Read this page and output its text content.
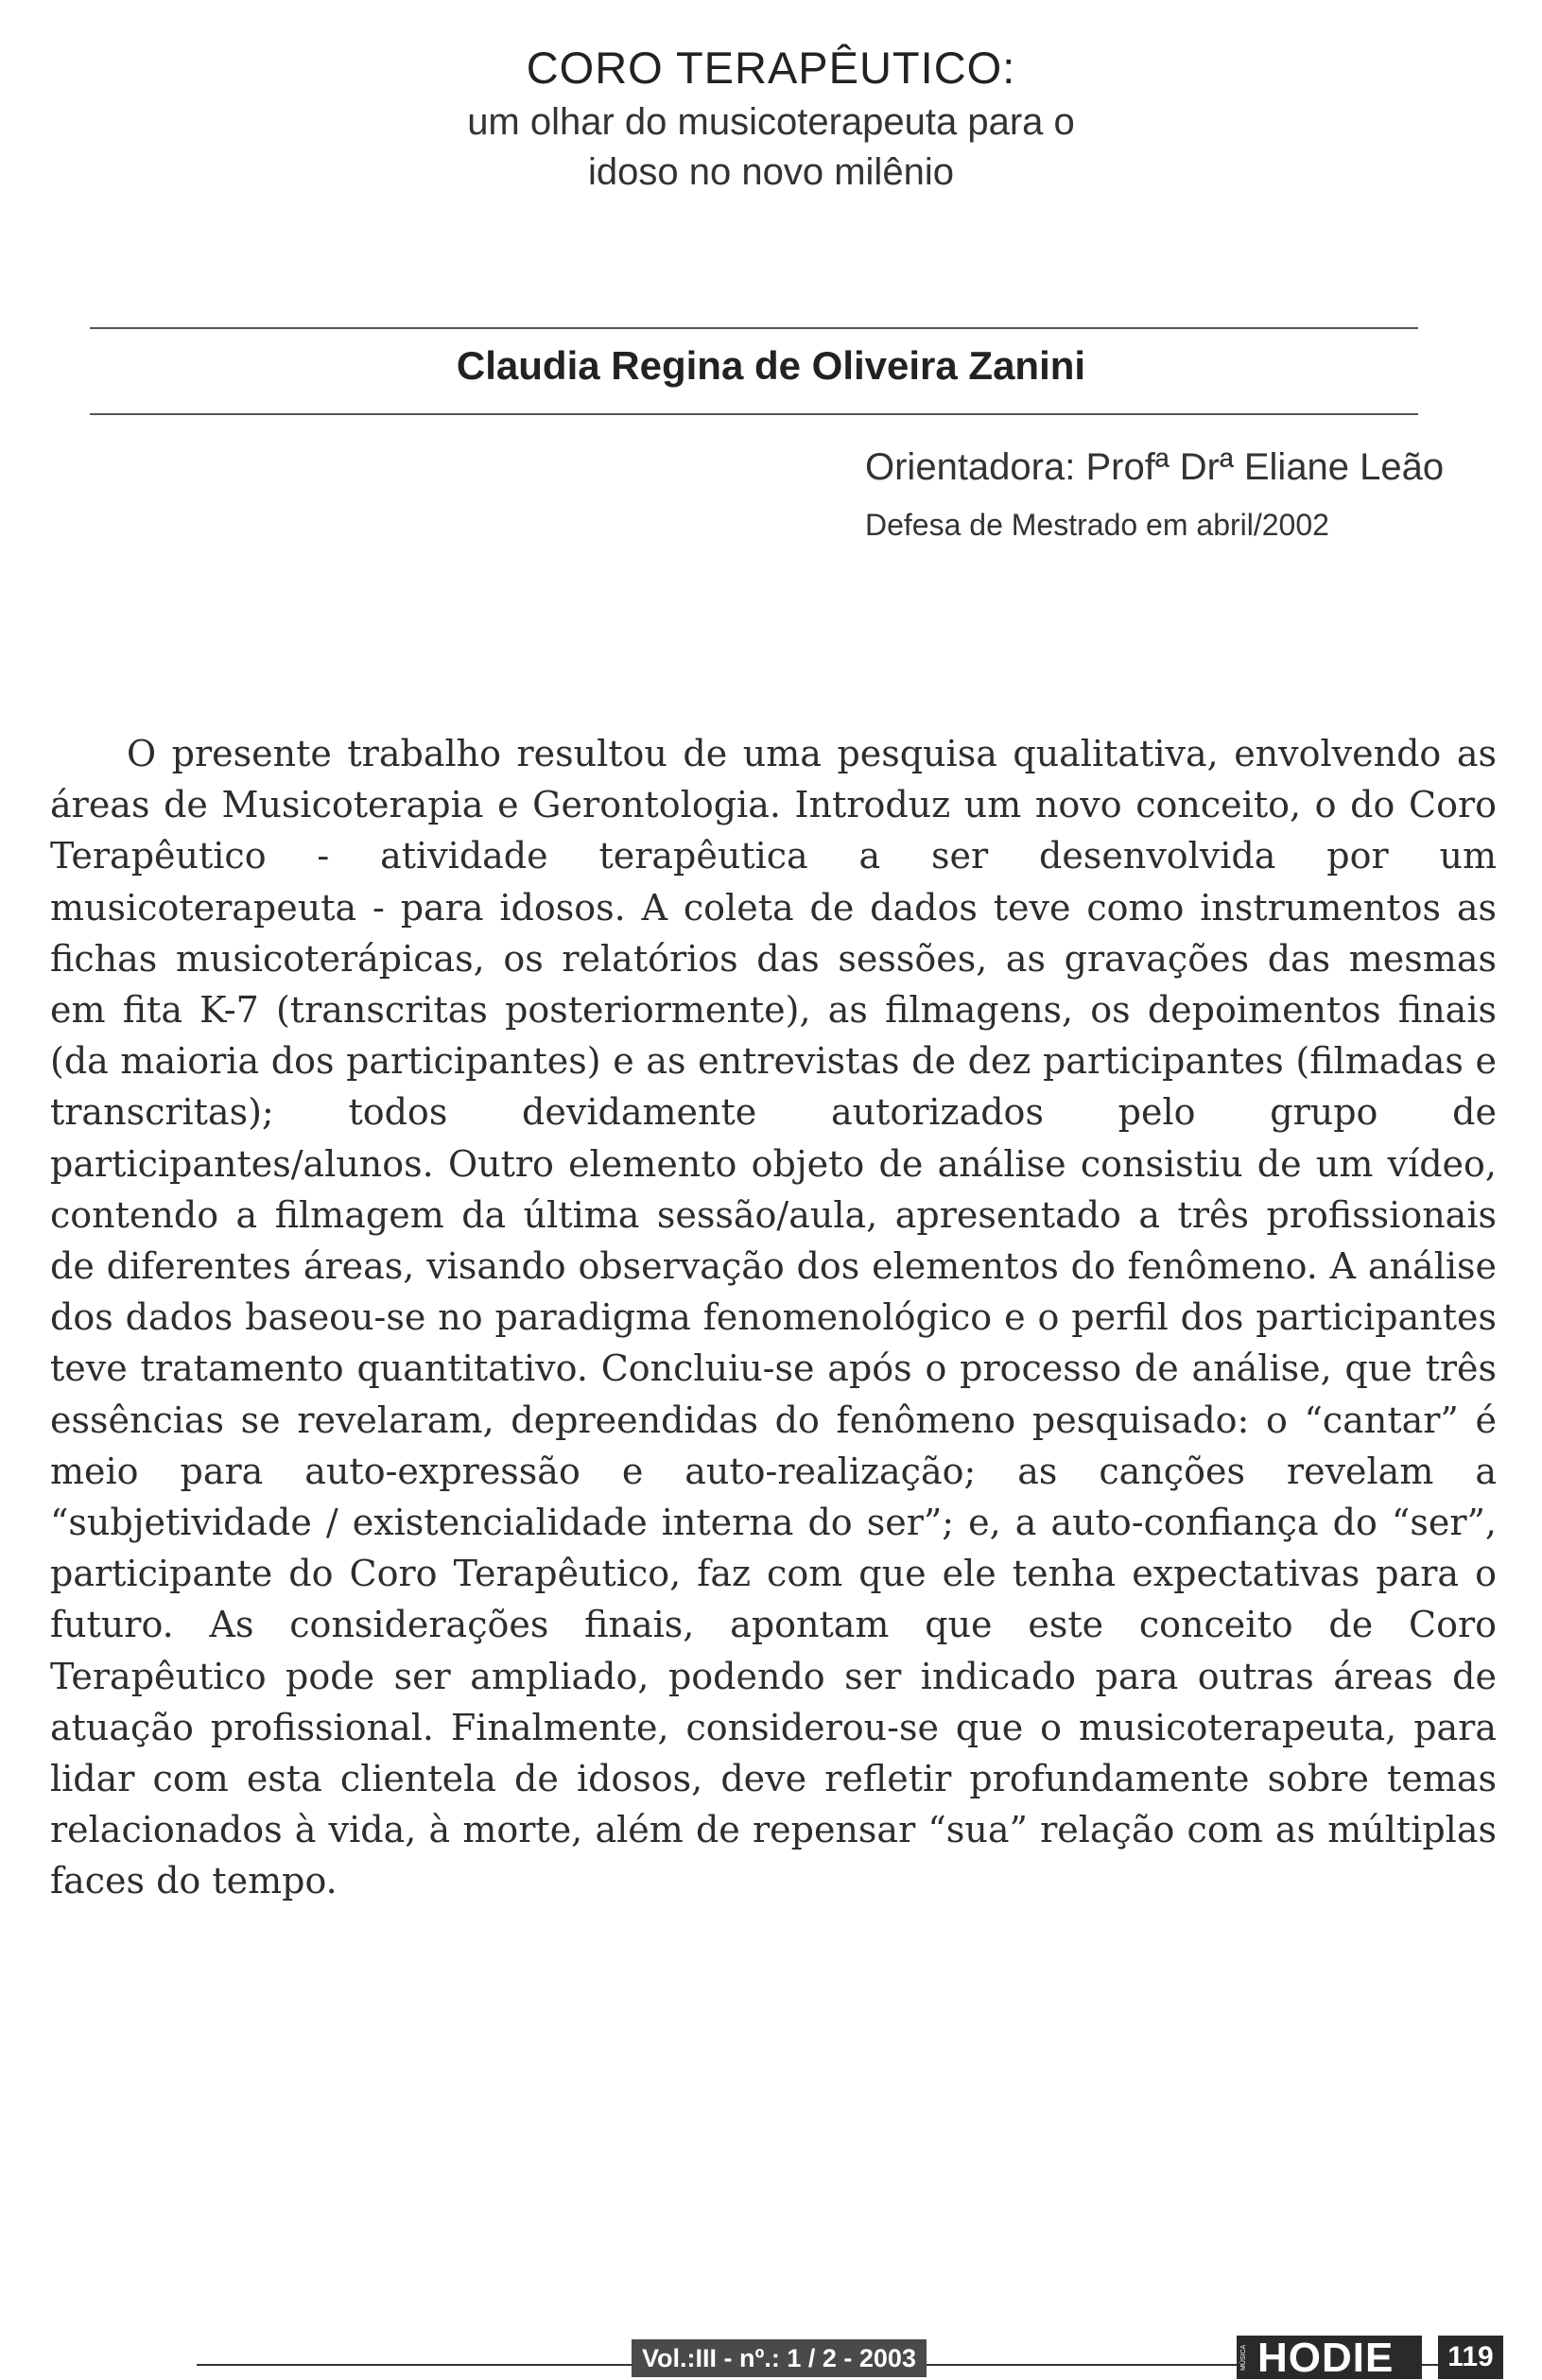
CORO TERAPÊUTICO:
um olhar do musicoterapeuta para o
idoso no novo milênio
Claudia Regina de Oliveira Zanini
Orientadora: Profª Drª Eliane Leão
Defesa de Mestrado em abril/2002

O presente trabalho resultou de uma pesquisa qualitativa, envolvendo as áreas de Musicoterapia e Gerontologia. Introduz um novo conceito, o do Coro Terapêutico - atividade terapêutica a ser desenvolvida por um musicoterapeuta - para idosos. A coleta de dados teve como instrumentos as fichas musicoterápicas, os relatórios das sessões, as gravações das mesmas em fita K-7 (transcritas posteriormente), as filmagens, os depoimentos finais (da maioria dos participantes) e as entrevistas de dez participantes (filmadas e transcritas); todos devidamente autorizados pelo grupo de participantes/alunos. Outro elemento objeto de análise consistiu de um vídeo, contendo a filmagem da última sessão/aula, apresentado a três profissionais de diferentes áreas, visando observação dos elementos do fenômeno. A análise dos dados baseou-se no paradigma fenomenológico e o perfil dos participantes teve tratamento quantitativo. Concluiu-se após o processo de análise, que três essências se revelaram, depreendidas do fenômeno pesquisado: o “cantar” é meio para auto-expressão e auto-realização; as canções revelam a “subjetividade / existencialidade interna do ser”; e, a auto-confiança do “ser”, participante do Coro Terapêutico, faz com que ele tenha expectativas para o futuro. As considerações finais, apontam que este conceito de Coro Terapêutico pode ser ampliado, podendo ser indicado para outras áreas de atuação profissional. Finalmente, considerou-se que o musicoterapeuta, para lidar com esta clientela de idosos, deve refletir profundamente sobre temas relacionados à vida, à morte, além de repensar “sua” relação com as múltiplas faces do tempo.

Vol.:III - nº.: 1 / 2 - 2003	MÚSICA HODIE	119
